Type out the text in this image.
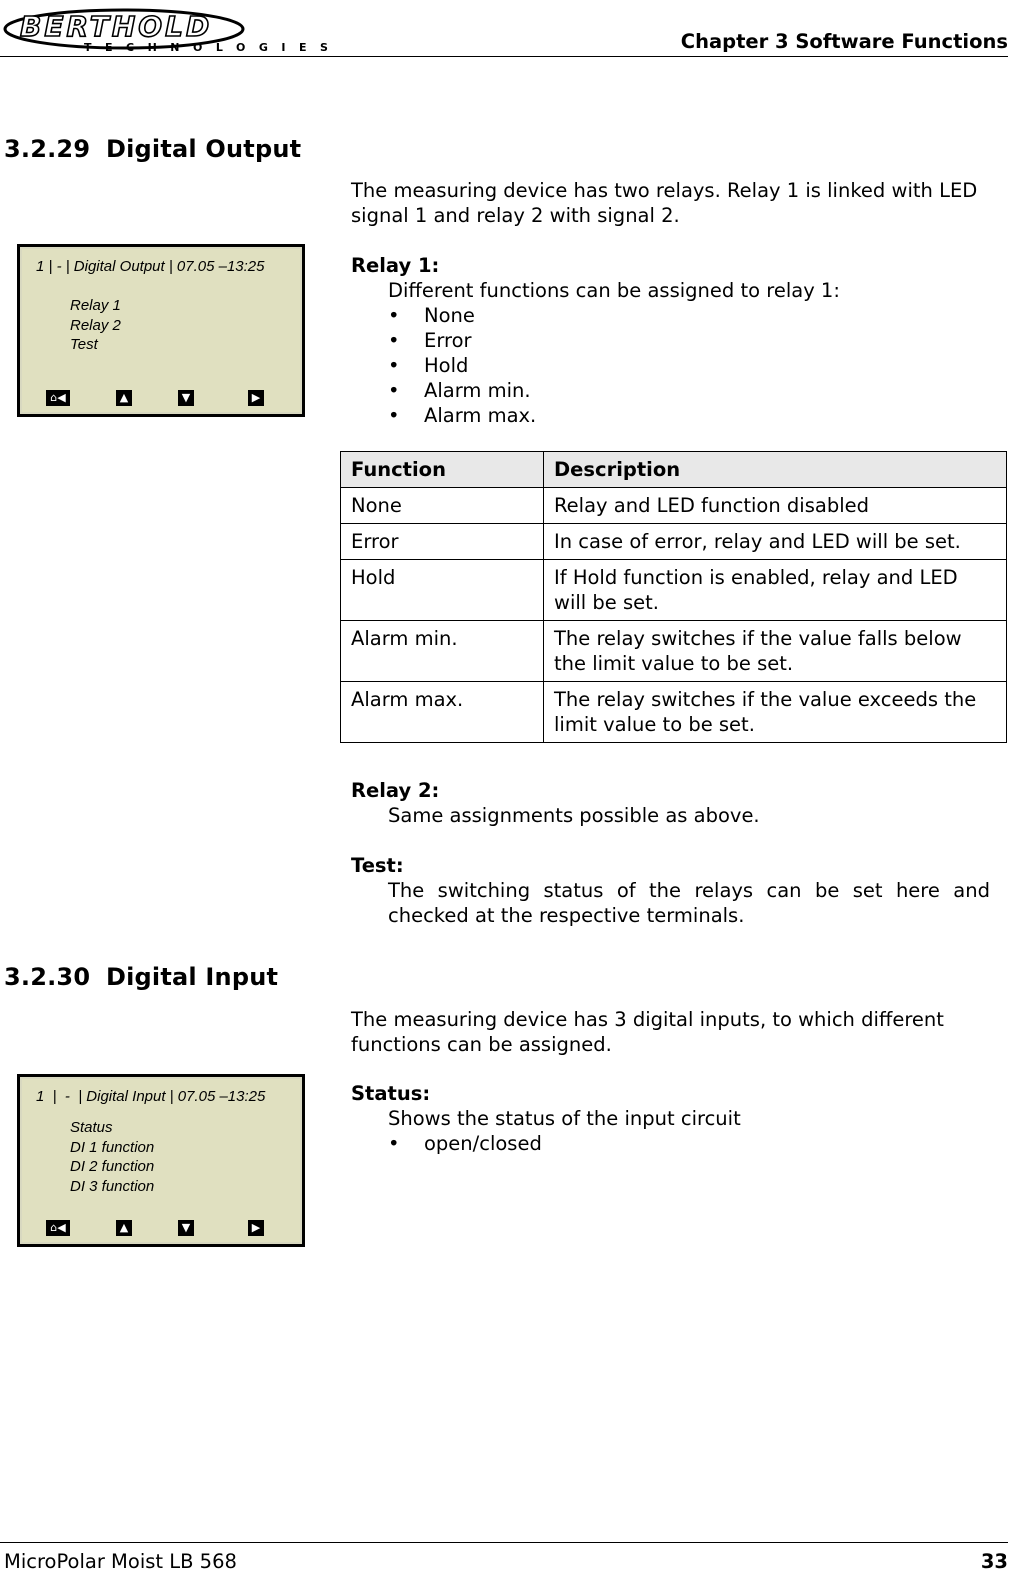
BERTHOLD
TECHNOLOGIES	Chapter 3 Software Functions
3.2.29 Digital Output
The measuring device has two relays. Relay 1 is linked with LED signal 1 and relay 2 with signal 2.
1 | - | Digital Output | 07.05 –13:25
Relay 1
Relay 2
Test
⌂◀	▲	▼	▶
Relay 1:
Different functions can be assigned to relay 1:
• None
• Error
• Hold
• Alarm min.
• Alarm max.
Function	Description
None	Relay and LED function disabled
Error	In case of error, relay and LED will be set.
Hold	If Hold function is enabled, relay and LED will be set.
Alarm min.	The relay switches if the value falls below the limit value to be set.
Alarm max.	The relay switches if the value exceeds the limit value to be set.
Relay 2:
Same assignments possible as above.
Test:
The switching status of the relays can be set here and checked at the respective terminals.
3.2.30 Digital Input
The measuring device has 3 digital inputs, to which different functions can be assigned.
1  |  -  | Digital Input | 07.05 –13:25
Status
DI 1 function
DI 2 function
DI 3 function
⌂◀	▲	▼	▶
Status:
Shows the status of the input circuit
• open/closed
MicroPolar Moist LB 568	33
